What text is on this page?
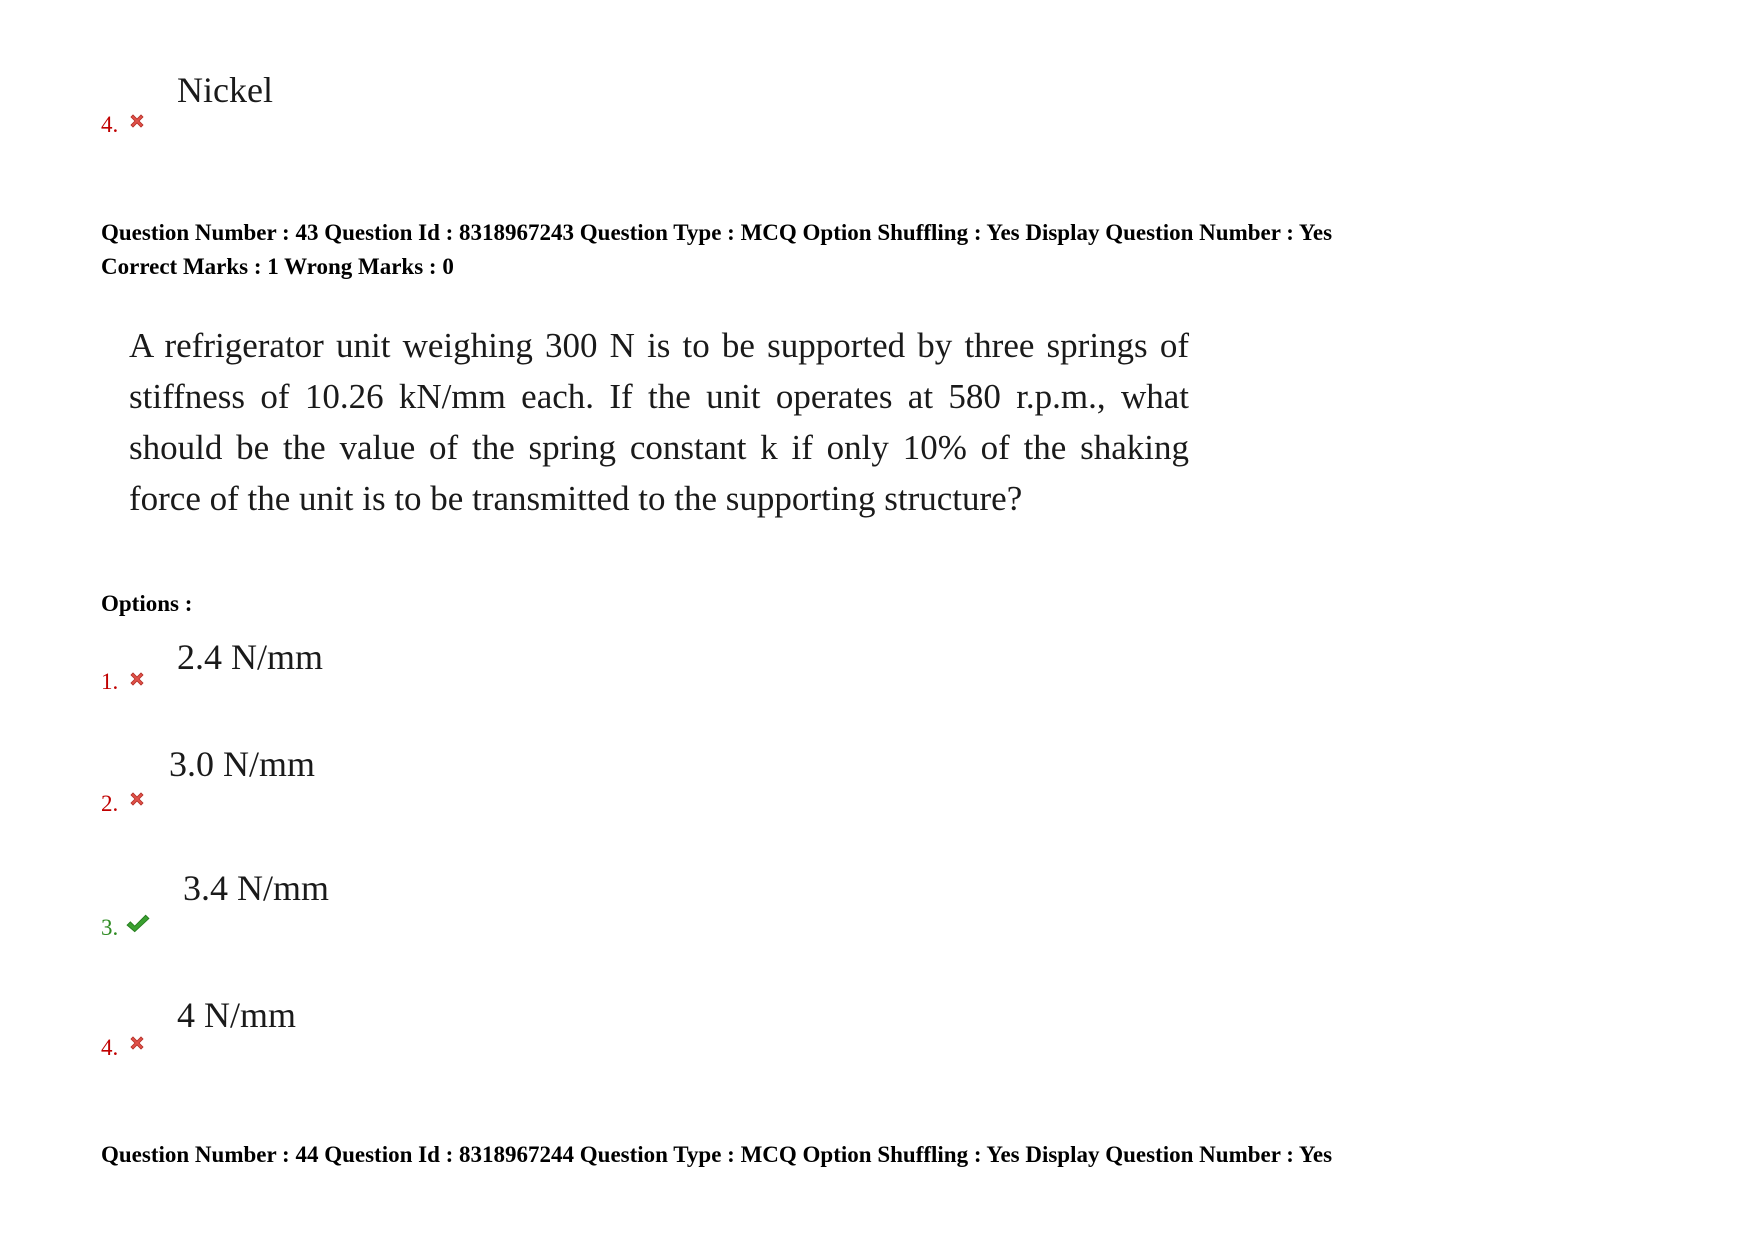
Nickel
4.
Question Number : 43 Question Id : 8318967243 Question Type : MCQ Option Shuffling : Yes Display Question Number : Yes
Correct Marks : 1 Wrong Marks : 0
A refrigerator unit weighing 300 N is to be supported by three springs of stiffness of 10.26 kN/mm each. If the unit operates at 580 r.p.m., what should be the value of the spring constant k if only 10% of the shaking force of the unit is to be transmitted to the supporting structure?
Options :
2.4 N/mm
1.
3.0 N/mm
2.
3.4 N/mm
3.
4 N/mm
4.
Question Number : 44 Question Id : 8318967244 Question Type : MCQ Option Shuffling : Yes Display Question Number : Yes
